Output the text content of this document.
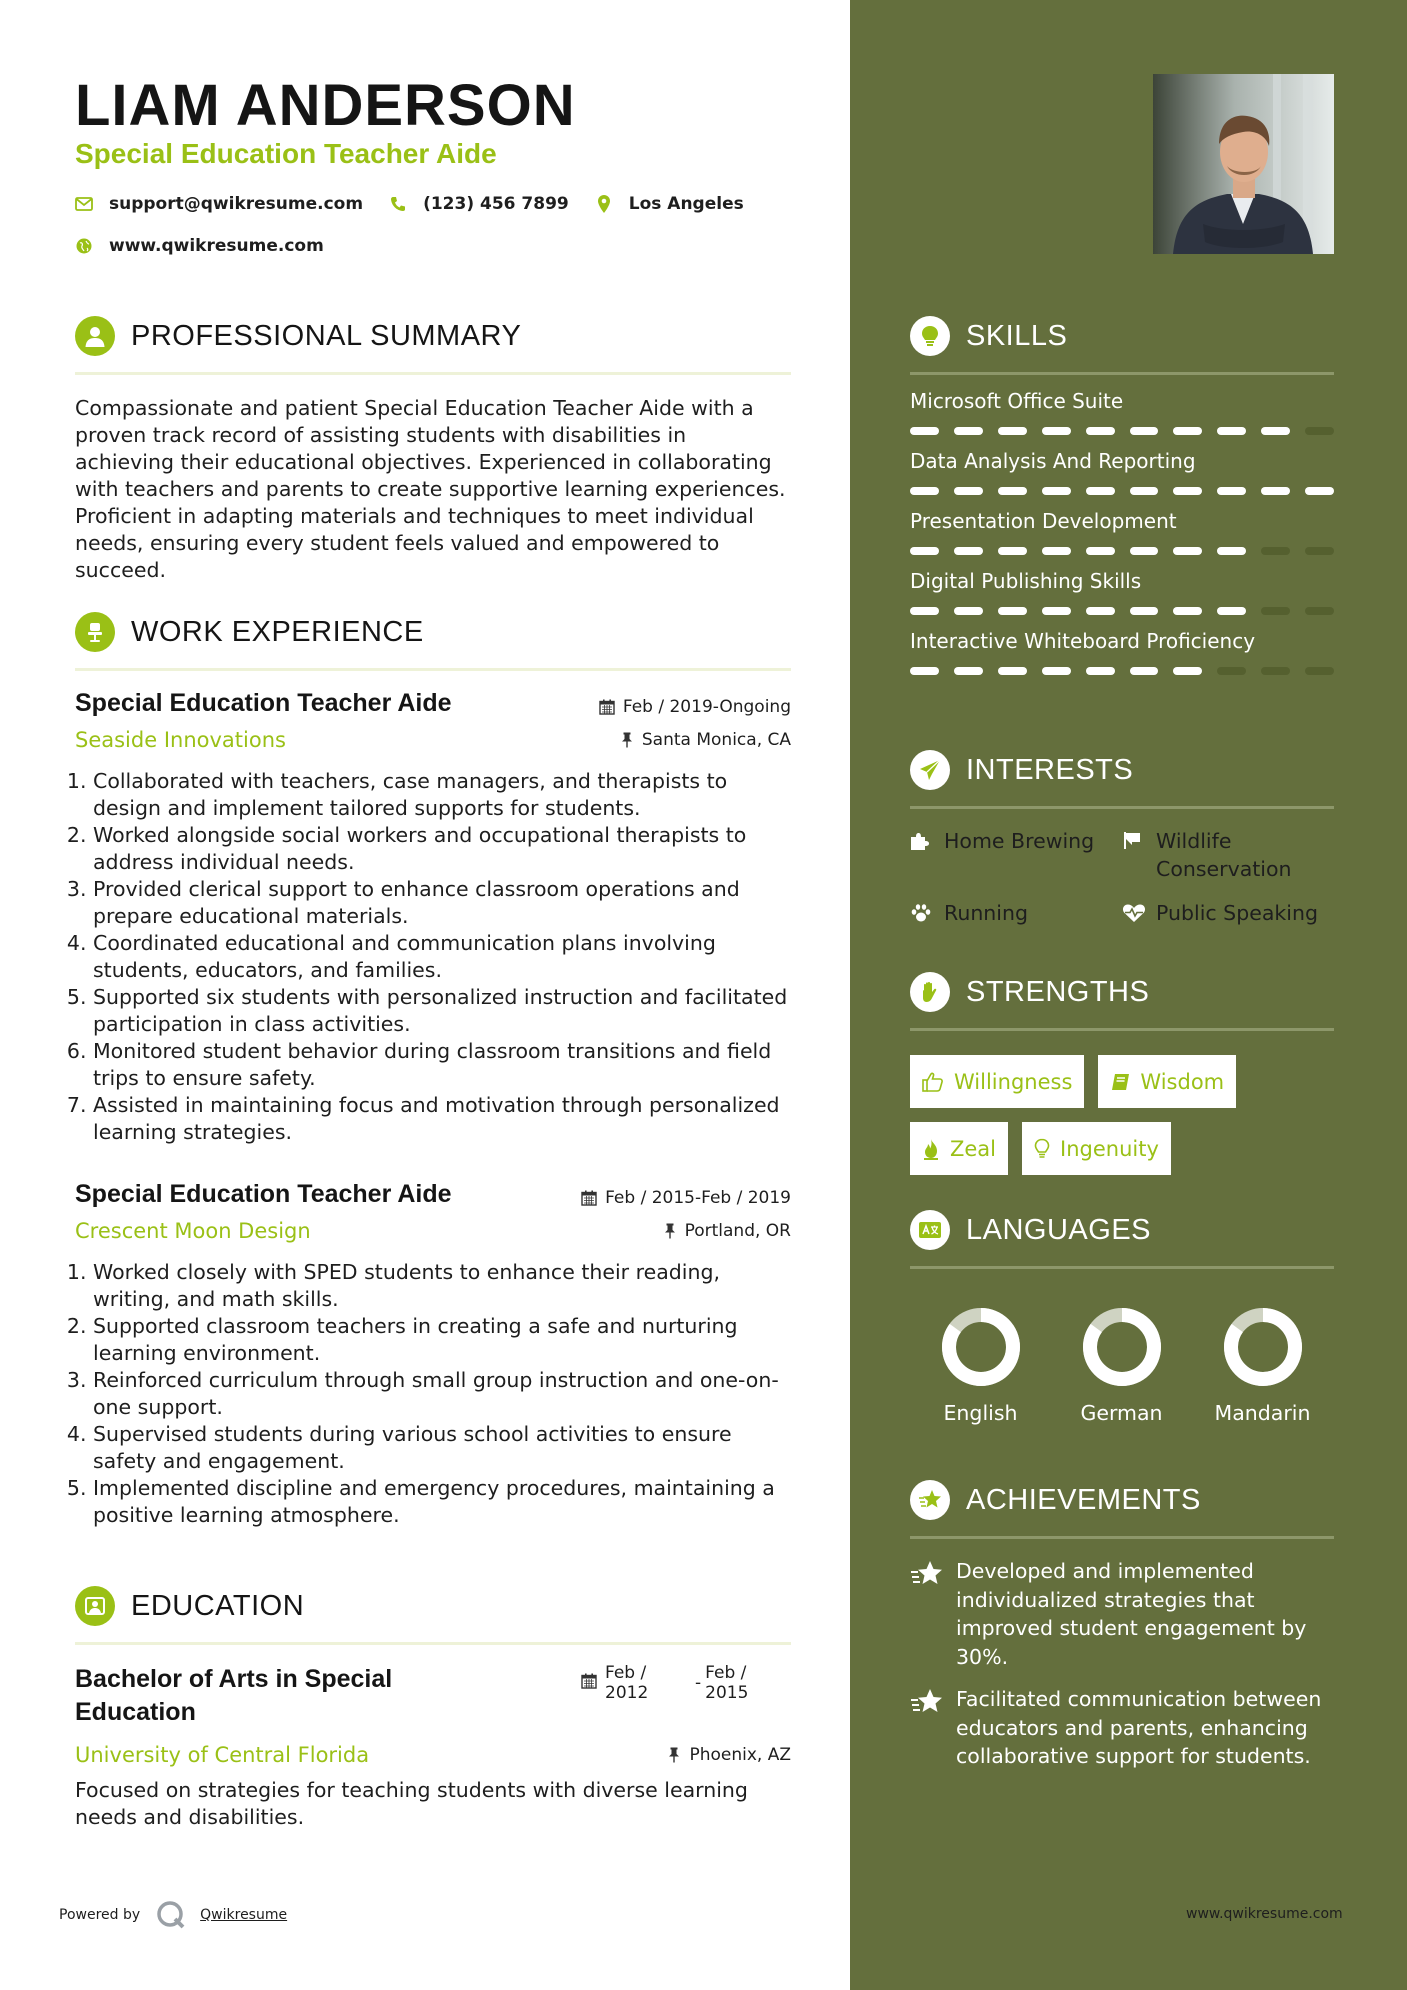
LIAM ANDERSON
Special Education Teacher Aide
support@qwikresume.com	(123) 456 7899	Los Angeles
www.qwikresume.com
PROFESSIONAL SUMMARY
Compassionate and patient Special Education Teacher Aide with a proven track record of assisting students with disabilities in achieving their educational objectives. Experienced in collaborating with teachers and parents to create supportive learning experiences. Proficient in adapting materials and techniques to meet individual needs, ensuring every student feels valued and empowered to succeed.
WORK EXPERIENCE
Special Education Teacher Aide	Feb / 2019-Ongoing
Seaside Innovations	Santa Monica, CA
1. Collaborated with teachers, case managers, and therapists to design and implement tailored supports for students.
2. Worked alongside social workers and occupational therapists to address individual needs.
3. Provided clerical support to enhance classroom operations and prepare educational materials.
4. Coordinated educational and communication plans involving students, educators, and families.
5. Supported six students with personalized instruction and facilitated participation in class activities.
6. Monitored student behavior during classroom transitions and field trips to ensure safety.
7. Assisted in maintaining focus and motivation through personalized learning strategies.
Special Education Teacher Aide	Feb / 2015-Feb / 2019
Crescent Moon Design	Portland, OR
1. Worked closely with SPED students to enhance their reading, writing, and math skills.
2. Supported classroom teachers in creating a safe and nurturing learning environment.
3. Reinforced curriculum through small group instruction and one-on-one support.
4. Supervised students during various school activities to ensure safety and engagement.
5. Implemented discipline and emergency procedures, maintaining a positive learning atmosphere.
EDUCATION
Bachelor of Arts in Special Education
Feb /
2012	- Feb /
2015
University of Central Florida	Phoenix, AZ
Focused on strategies for teaching students with diverse learning needs and disabilities.
Powered by	Qwikresume
SKILLS
Microsoft Office Suite
Data Analysis And Reporting
Presentation Development
Digital Publishing Skills
Interactive Whiteboard Proficiency
INTERESTS
Home Brewing	Wildlife Conservation
Running	Public Speaking
STRENGTHS
Willingness	Wisdom
Zeal	Ingenuity
LANGUAGES
English	German	Mandarin
ACHIEVEMENTS
Developed and implemented individualized strategies that improved student engagement by 30%.
Facilitated communication between educators and parents, enhancing collaborative support for students.
www.qwikresume.com
